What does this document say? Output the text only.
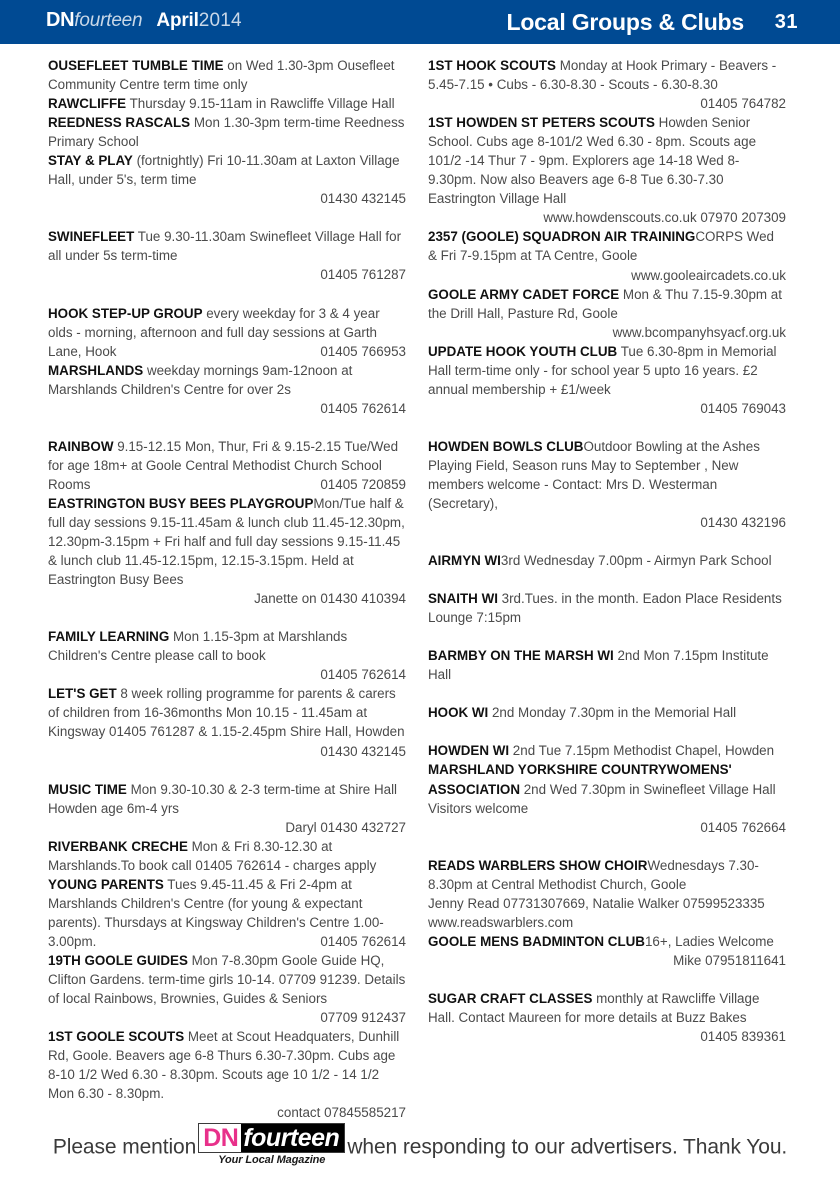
DNfourteen April2014	Local Groups & Clubs 31

OUSEFLEET TUMBLE TIME on Wed 1.30-3pm Ousefleet Community Centre term time only

RAWCLIFFE Thursday 9.15-11am in Rawcliffe Village Hall

REEDNESS RASCALS Mon 1.30-3pm term-time Reedness Primary School

STAY & PLAY (fortnightly) Fri 10-11.30am at Laxton Village Hall, under 5's, term time

01430 432145

SWINEFLEET Tue 9.30-11.30am Swinefleet Village Hall for all under 5s term-time

01405 761287

HOOK STEP-UP GROUP every weekday for 3 & 4 year olds - morning, afternoon and full day sessions at Garth Lane, Hook	01405 766953

MARSHLANDS weekday mornings 9am-12noon at Marshlands Children's Centre for over 2s

01405 762614

RAINBOW 9.15-12.15 Mon, Thur, Fri & 9.15-2.15 Tue/Wed for age 18m+ at Goole Central Methodist Church School Rooms	01405 720859

EASTRINGTON BUSY BEES PLAYGROUPMon/Tue half & full day sessions 9.15-11.45am & lunch club 11.45-12.30pm, 12.30pm-3.15pm + Fri half and full day sessions 9.15-11.45 & lunch club 11.45-12.15pm, 12.15-3.15pm. Held at Eastrington Busy Bees

Janette on 01430 410394

FAMILY LEARNING Mon 1.15-3pm at Marshlands Children's Centre please call to book

01405 762614

LET'S GET 8 week rolling programme for parents & carers of children from 16-36months Mon 10.15 - 11.45am at Kingsway 01405 761287 & 1.15-2.45pm Shire Hall, Howden
01430 432145

MUSIC TIME Mon 9.30-10.30 & 2-3 term-time at Shire Hall Howden age 6m-4 yrs

Daryl 01430 432727

RIVERBANK CRECHE Mon & Fri 8.30-12.30 at Marshlands.To book call 01405 762614 - charges apply

YOUNG PARENTS Tues 9.45-11.45 & Fri 2-4pm at Marshlands Children's Centre (for young & expectant parents). Thursdays at Kingsway Children's Centre 1.00-3.00pm.	01405 762614

19TH GOOLE GUIDES Mon 7-8.30pm Goole Guide HQ, Clifton Gardens. term-time girls 10-14. 07709 91239. Details of local Rainbows, Brownies, Guides & Seniors
07709 912437

1ST GOOLE SCOUTS Meet at Scout Headquaters, Dunhill Rd, Goole. Beavers age 6-8 Thurs 6.30-7.30pm. Cubs age 8-10 1/2 Wed 6.30 - 8.30pm. Scouts age 10 1/2 - 14 1/2 Mon 6.30 - 8.30pm.

contact 07845585217

1ST HOOK SCOUTS Monday at Hook Primary - Beavers - 5.45-7.15 • Cubs - 6.30-8.30 - Scouts - 6.30-8.30
01405 764782

1ST HOWDEN ST PETERS SCOUTS Howden Senior School. Cubs age 8-101/2 Wed 6.30 - 8pm. Scouts age 101/2 -14 Thur 7 - 9pm. Explorers age 14-18 Wed 8-9.30pm. Now also Beavers age 6-8 Tue 6.30-7.30 Eastrington Village Hall

www.howdenscouts.co.uk 07970 207309

2357 (GOOLE) SQUADRON AIR TRAININGCORPS Wed & Fri 7-9.15pm at TA Centre, Goole

www.gooleaircadets.co.uk

GOOLE ARMY CADET FORCE Mon & Thu 7.15-9.30pm at the Drill Hall, Pasture Rd, Goole

www.bcompanyhsyacf.org.uk

UPDATE HOOK YOUTH CLUB Tue 6.30-8pm in Memorial Hall term-time only - for school year 5 upto 16 years. £2 annual membership + £1/week

01405 769043

HOWDEN BOWLS CLUBOutdoor Bowling at the Ashes Playing Field, Season runs May to September , New members welcome - Contact: Mrs D. Westerman (Secretary),

01430 432196

AIRMYN WI3rd Wednesday 7.00pm - Airmyn Park School

SNAITH WI 3rd.Tues. in the month. Eadon Place Residents Lounge 7:15pm

BARMBY ON THE MARSH WI 2nd Mon 7.15pm Institute Hall

HOOK WI 2nd Monday 7.30pm in the Memorial Hall

HOWDEN WI 2nd Tue 7.15pm Methodist Chapel, Howden

MARSHLAND YORKSHIRE COUNTRYWOMENS' ASSOCIATION 2nd Wed 7.30pm in Swinefleet Village Hall Visitors welcome

01405 762664

READS WARBLERS SHOW CHOIRWednesdays 7.30-8.30pm at Central Methodist Church, Goole
Jenny Read 07731307669, Natalie Walker 07599523335 www.readswarblers.com

GOOLE MENS BADMINTON CLUB16+, Ladies Welcome

Mike 07951811641

SUGAR CRAFT CLASSES monthly at Rawcliffe Village Hall. Contact Maureen for more details at Buzz Bakes

01405 839361
Please mention DN fourteen
Your Local Magazine
when responding to our advertisers. Thank You.
